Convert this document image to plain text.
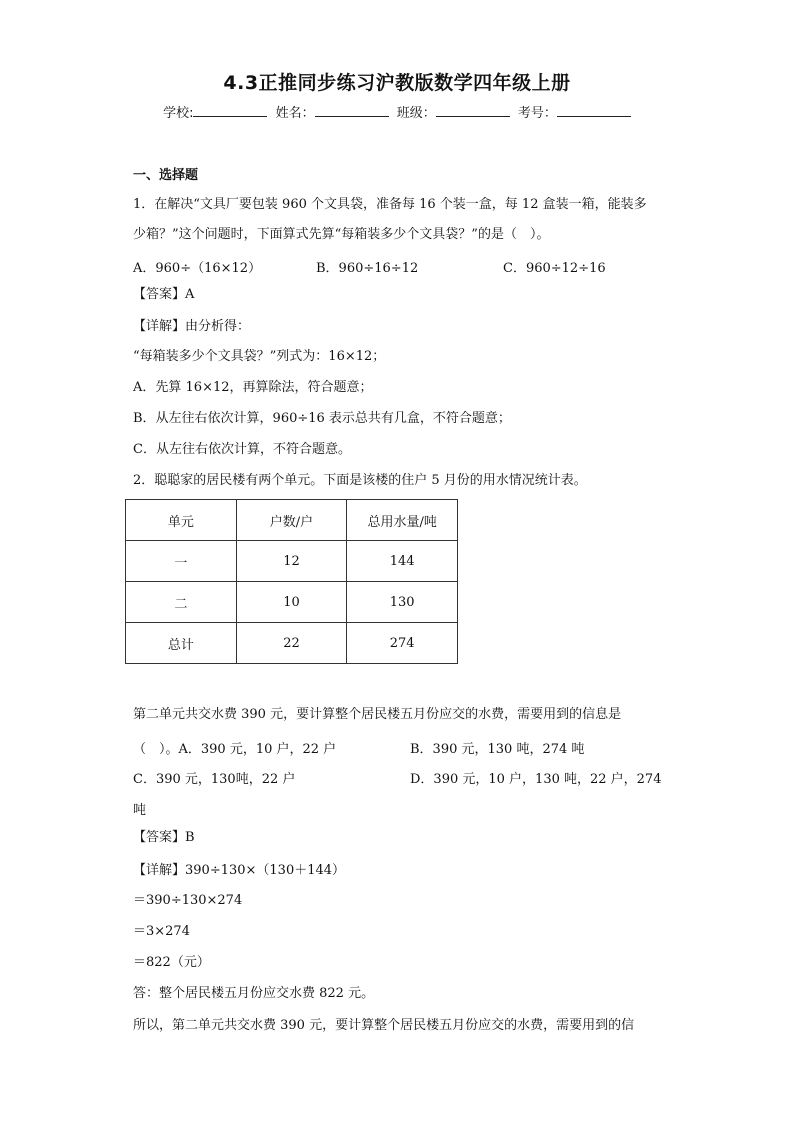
4.3正推同步练习沪教版数学四年级上册
学校:	姓名：	班级：	考号：
一、选择题
1．在解决“文具厂要包装 960 个文具袋，准备每 16 个装一盒，每 12 盒装一箱，能装多
少箱？”这个问题时，下面算式先算“每箱装多少个文具袋？”的是（　）。
A．960÷（16×12）	B．960÷16÷12	C．960÷12÷16
【答案】A
【详解】由分析得：
“每箱装多少个文具袋？”列式为：16×12；
A．先算 16×12，再算除法，符合题意；
B．从左往右依次计算，960÷16 表示总共有几盒，不符合题意；
C．从左往右依次计算，不符合题意。
2．聪聪家的居民楼有两个单元。下面是该楼的住户 5 月份的用水情况统计表。
单元	户数/户	总用水量/吨
一	12	144
二	10	130
总计	22	274
第二单元共交水费 390 元，要计算整个居民楼五月份应交的水费，需要用到的信息是
（　）。A．390 元，10 户，22 户	B．390 元，130 吨，274 吨
C．390 元，130吨，22 户	D．390 元，10 户，130 吨，22 户，274
吨
【答案】B
【详解】390÷130×（130＋144）
＝390÷130×274
＝3×274
＝822（元）
答：整个居民楼五月份应交水费 822 元。
所以，第二单元共交水费 390 元，要计算整个居民楼五月份应交的水费，需要用到的信
